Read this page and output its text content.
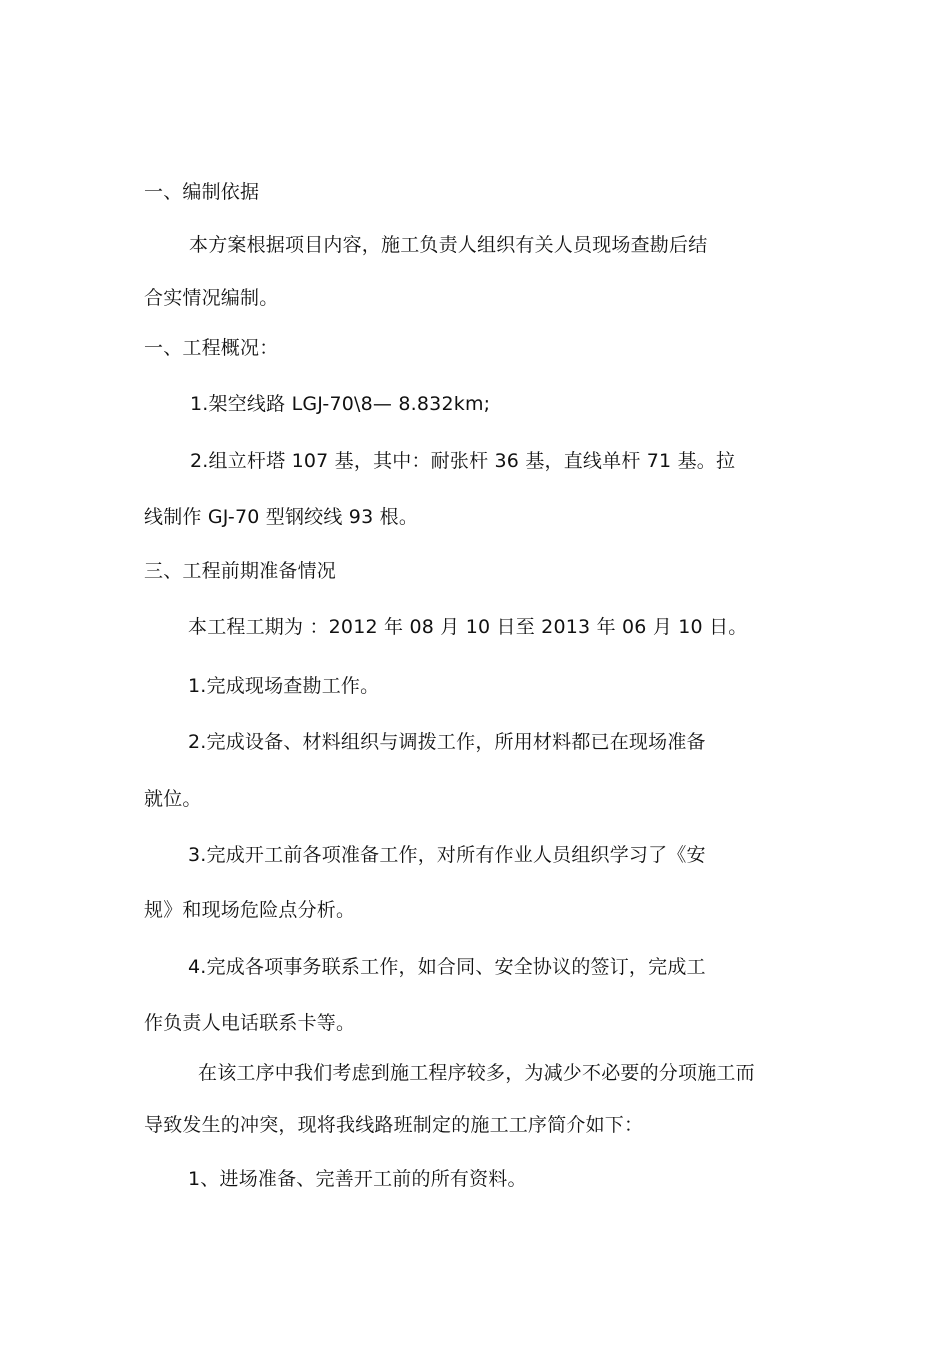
一、编制依据
本方案根据项目内容，施工负责人组织有关人员现场查勘后结
合实情况编制。
一、工程概况：
1.架空线路 LGJ-70\8— 8.832km;
2.组立杆塔 107 基，其中：耐张杆 36 基，直线单杆 71 基。拉
线制作 GJ-70 型钢绞线 93 根。
三、工程前期准备情况
本工程工期为 ：2012 年 08 月 10 日至 2013 年 06 月 10 日。
1.完成现场查勘工作。
2.完成设备、材料组织与调拨工作，所用材料都已在现场准备
就位。
3.完成开工前各项准备工作，对所有作业人员组织学习了《安
规》和现场危险点分析。
4.完成各项事务联系工作，如合同、安全协议的签订，完成工
作负责人电话联系卡等。
在该工序中我们考虑到施工程序较多，为减少不必要的分项施工而
导致发生的冲突，现将我线路班制定的施工工序简介如下：
1、进场准备、完善开工前的所有资料。
